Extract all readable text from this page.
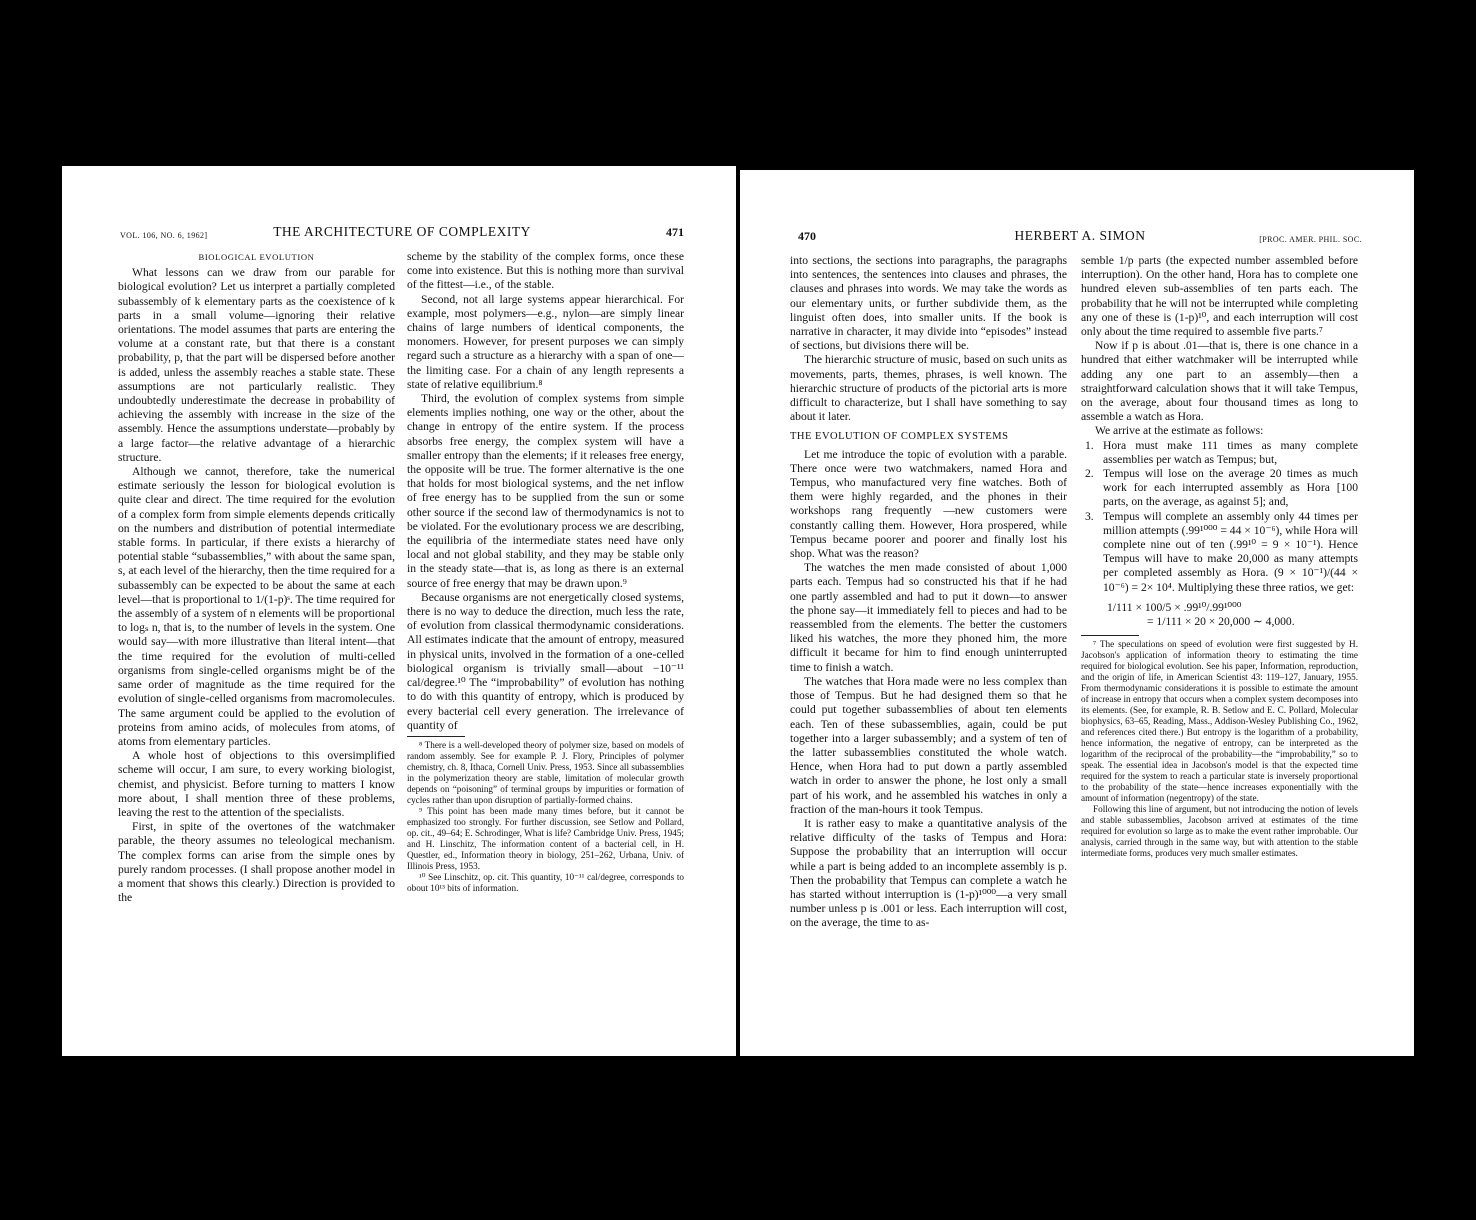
VOL. 106, NO. 6, 1962]	THE ARCHITECTURE OF COMPLEXITY	471
BIOLOGICAL EVOLUTION

What lessons can we draw from our parable for biological evolution? Let us interpret a partially completed subassembly of k elementary parts as the coexistence of k parts in a small volume—ignoring their relative orientations. The model assumes that parts are entering the volume at a constant rate, but that there is a constant probability, p, that the part will be dispersed before another is added, unless the assembly reaches a stable state. These assumptions are not particularly realistic. They undoubtedly underestimate the decrease in probability of achieving the assembly with increase in the size of the assembly. Hence the assumptions understate—probably by a large factor—the relative advantage of a hierarchic structure.

Although we cannot, therefore, take the numerical estimate seriously the lesson for biological evolution is quite clear and direct. The time required for the evolution of a complex form from simple elements depends critically on the numbers and distribution of potential intermediate stable forms. In particular, if there exists a hierarchy of potential stable “subassemblies,” with about the same span, s, at each level of the hierarchy, then the time required for a subassembly can be expected to be about the same at each level—that is proportional to 1/(1-p)ˢ. The time required for the assembly of a system of n elements will be proportional to logₛ n, that is, to the number of levels in the system. One would say—with more illustrative than literal intent—that the time required for the evolution of multi-celled organisms from single-celled organisms might be of the same order of magnitude as the time required for the evolution of single-celled organisms from macromolecules. The same argument could be applied to the evolution of proteins from amino acids, of molecules from atoms, of atoms from elementary particles.

A whole host of objections to this oversimplified scheme will occur, I am sure, to every working biologist, chemist, and physicist. Before turning to matters I know more about, I shall mention three of these problems, leaving the rest to the attention of the specialists.

First, in spite of the overtones of the watchmaker parable, the theory assumes no teleological mechanism. The complex forms can arise from the simple ones by purely random processes. (I shall propose another model in a moment that shows this clearly.) Direction is provided to the

scheme by the stability of the complex forms, once these come into existence. But this is nothing more than survival of the fittest—i.e., of the stable.

Second, not all large systems appear hierarchical. For example, most polymers—e.g., nylon—are simply linear chains of large numbers of identical components, the monomers. However, for present purposes we can simply regard such a structure as a hierarchy with a span of one—the limiting case. For a chain of any length represents a state of relative equilibrium.⁸

Third, the evolution of complex systems from simple elements implies nothing, one way or the other, about the change in entropy of the entire system. If the process absorbs free energy, the complex system will have a smaller entropy than the elements; if it releases free energy, the opposite will be true. The former alternative is the one that holds for most biological systems, and the net inflow of free energy has to be supplied from the sun or some other source if the second law of thermodynamics is not to be violated. For the evolutionary process we are describing, the equilibria of the intermediate states need have only local and not global stability, and they may be stable only in the steady state—that is, as long as there is an external source of free energy that may be drawn upon.⁹

Because organisms are not energetically closed systems, there is no way to deduce the direction, much less the rate, of evolution from classical thermodynamic considerations. All estimates indicate that the amount of entropy, measured in physical units, involved in the formation of a one-celled biological organism is trivially small—about −10⁻¹¹ cal/degree.¹⁰ The “improbability” of evolution has nothing to do with this quantity of entropy, which is produced by every bacterial cell every generation. The irrelevance of quantity of

⁸ There is a well-developed theory of polymer size, based on models of random assembly. See for example P. J. Flory, Principles of polymer chemistry, ch. 8, Ithaca, Cornell Univ. Press, 1953. Since all subassemblies in the polymerization theory are stable, limitation of molecular growth depends on “poisoning” of terminal groups by impurities or formation of cycles rather than upon disruption of partially-formed chains.

⁹ This point has been made many times before, but it cannot be emphasized too strongly. For further discussion, see Setlow and Pollard, op. cit., 49–64; E. Schrodinger, What is life? Cambridge Univ. Press, 1945; and H. Linschitz, The information content of a bacterial cell, in H. Questler, ed., Information theory in biology, 251–262, Urbana, Univ. of Illinois Press, 1953.

¹⁰ See Linschitz, op. cit. This quantity, 10⁻¹¹ cal/degree, corresponds to obout 10¹³ bits of information.

470	HERBERT A. SIMON	[PROC. AMER. PHIL. SOC.

into sections, the sections into paragraphs, the paragraphs into sentences, the sentences into clauses and phrases, the clauses and phrases into words. We may take the words as our elementary units, or further subdivide them, as the linguist often does, into smaller units. If the book is narrative in character, it may divide into “episodes” instead of sections, but divisions there will be.

The hierarchic structure of music, based on such units as movements, parts, themes, phrases, is well known. The hierarchic structure of products of the pictorial arts is more difficult to characterize, but I shall have something to say about it later.

THE EVOLUTION OF COMPLEX SYSTEMS

Let me introduce the topic of evolution with a parable. There once were two watchmakers, named Hora and Tempus, who manufactured very fine watches. Both of them were highly regarded, and the phones in their workshops rang frequently —new customers were constantly calling them. However, Hora prospered, while Tempus became poorer and poorer and finally lost his shop. What was the reason?

The watches the men made consisted of about 1,000 parts each. Tempus had so constructed his that if he had one partly assembled and had to put it down—to answer the phone say—it immediately fell to pieces and had to be reassembled from the elements. The better the customers liked his watches, the more they phoned him, the more difficult it became for him to find enough uninterrupted time to finish a watch.

The watches that Hora made were no less complex than those of Tempus. But he had designed them so that he could put together subassemblies of about ten elements each. Ten of these subassemblies, again, could be put together into a larger subassembly; and a system of ten of the latter subassemblies constituted the whole watch. Hence, when Hora had to put down a partly assembled watch in order to answer the phone, he lost only a small part of his work, and he assembled his watches in only a fraction of the man-hours it took Tempus.

It is rather easy to make a quantitative analysis of the relative difficulty of the tasks of Tempus and Hora: Suppose the probability that an interruption will occur while a part is being added to an incomplete assembly is p. Then the probability that Tempus can complete a watch he has started without interruption is (1-p)¹⁰⁰⁰—a very small number unless p is .001 or less. Each interruption will cost, on the average, the time to as-

semble 1/p parts (the expected number assembled before interruption). On the other hand, Hora has to complete one hundred eleven sub-assemblies of ten parts each. The probability that he will not be interrupted while completing any one of these is (1-p)¹⁰, and each interruption will cost only about the time required to assemble five parts.⁷

Now if p is about .01—that is, there is one chance in a hundred that either watchmaker will be interrupted while adding any one part to an assembly—then a straightforward calculation shows that it will take Tempus, on the average, about four thousand times as long to assemble a watch as Hora.

We arrive at the estimate as follows:

1. Hora must make 111 times as many complete assemblies per watch as Tempus; but,
2. Tempus will lose on the average 20 times as much work for each interrupted assembly as Hora [100 parts, on the average, as against 5]; and,
3. Tempus will complete an assembly only 44 times per million attempts (.99¹⁰⁰⁰ = 44 × 10⁻⁶), while Hora will complete nine out of ten (.99¹⁰ = 9 × 10⁻¹). Hence Tempus will have to make 20,000 as many attempts per completed assembly as Hora. (9 × 10⁻¹)/(44 × 10⁻⁶) = 2× 10⁴. Multiplying these three ratios, we get:
1/111 × 100/5 × .99¹⁰/.99¹⁰⁰⁰
= 1/111 × 20 × 20,000 ∼ 4,000.

⁷ The speculations on speed of evolution were first suggested by H. Jacobson's application of information theory to estimating the time required for biological evolution. See his paper, Information, reproduction, and the origin of life, in American Scientist 43: 119–127, January, 1955. From thermodynamic considerations it is possible to estimate the amount of increase in entropy that occurs when a complex system decomposes into its elements. (See, for example, R. B. Setlow and E. C. Pollard, Molecular biophysics, 63–65, Reading, Mass., Addison-Wesley Publishing Co., 1962, and references cited there.) But entropy is the logarithm of a probability, hence information, the negative of entropy, can be interpreted as the logarithm of the reciprocal of the probability—the “improbability,” so to speak. The essential idea in Jacobson's model is that the expected time required for the system to reach a particular state is inversely proportional to the probability of the state—hence increases exponentially with the amount of information (negentropy) of the state.

Following this line of argument, but not introducing the notion of levels and stable subassemblies, Jacobson arrived at estimates of the time required for evolution so large as to make the event rather improbable. Our analysis, carried through in the same way, but with attention to the stable intermediate forms, produces very much smaller estimates.
